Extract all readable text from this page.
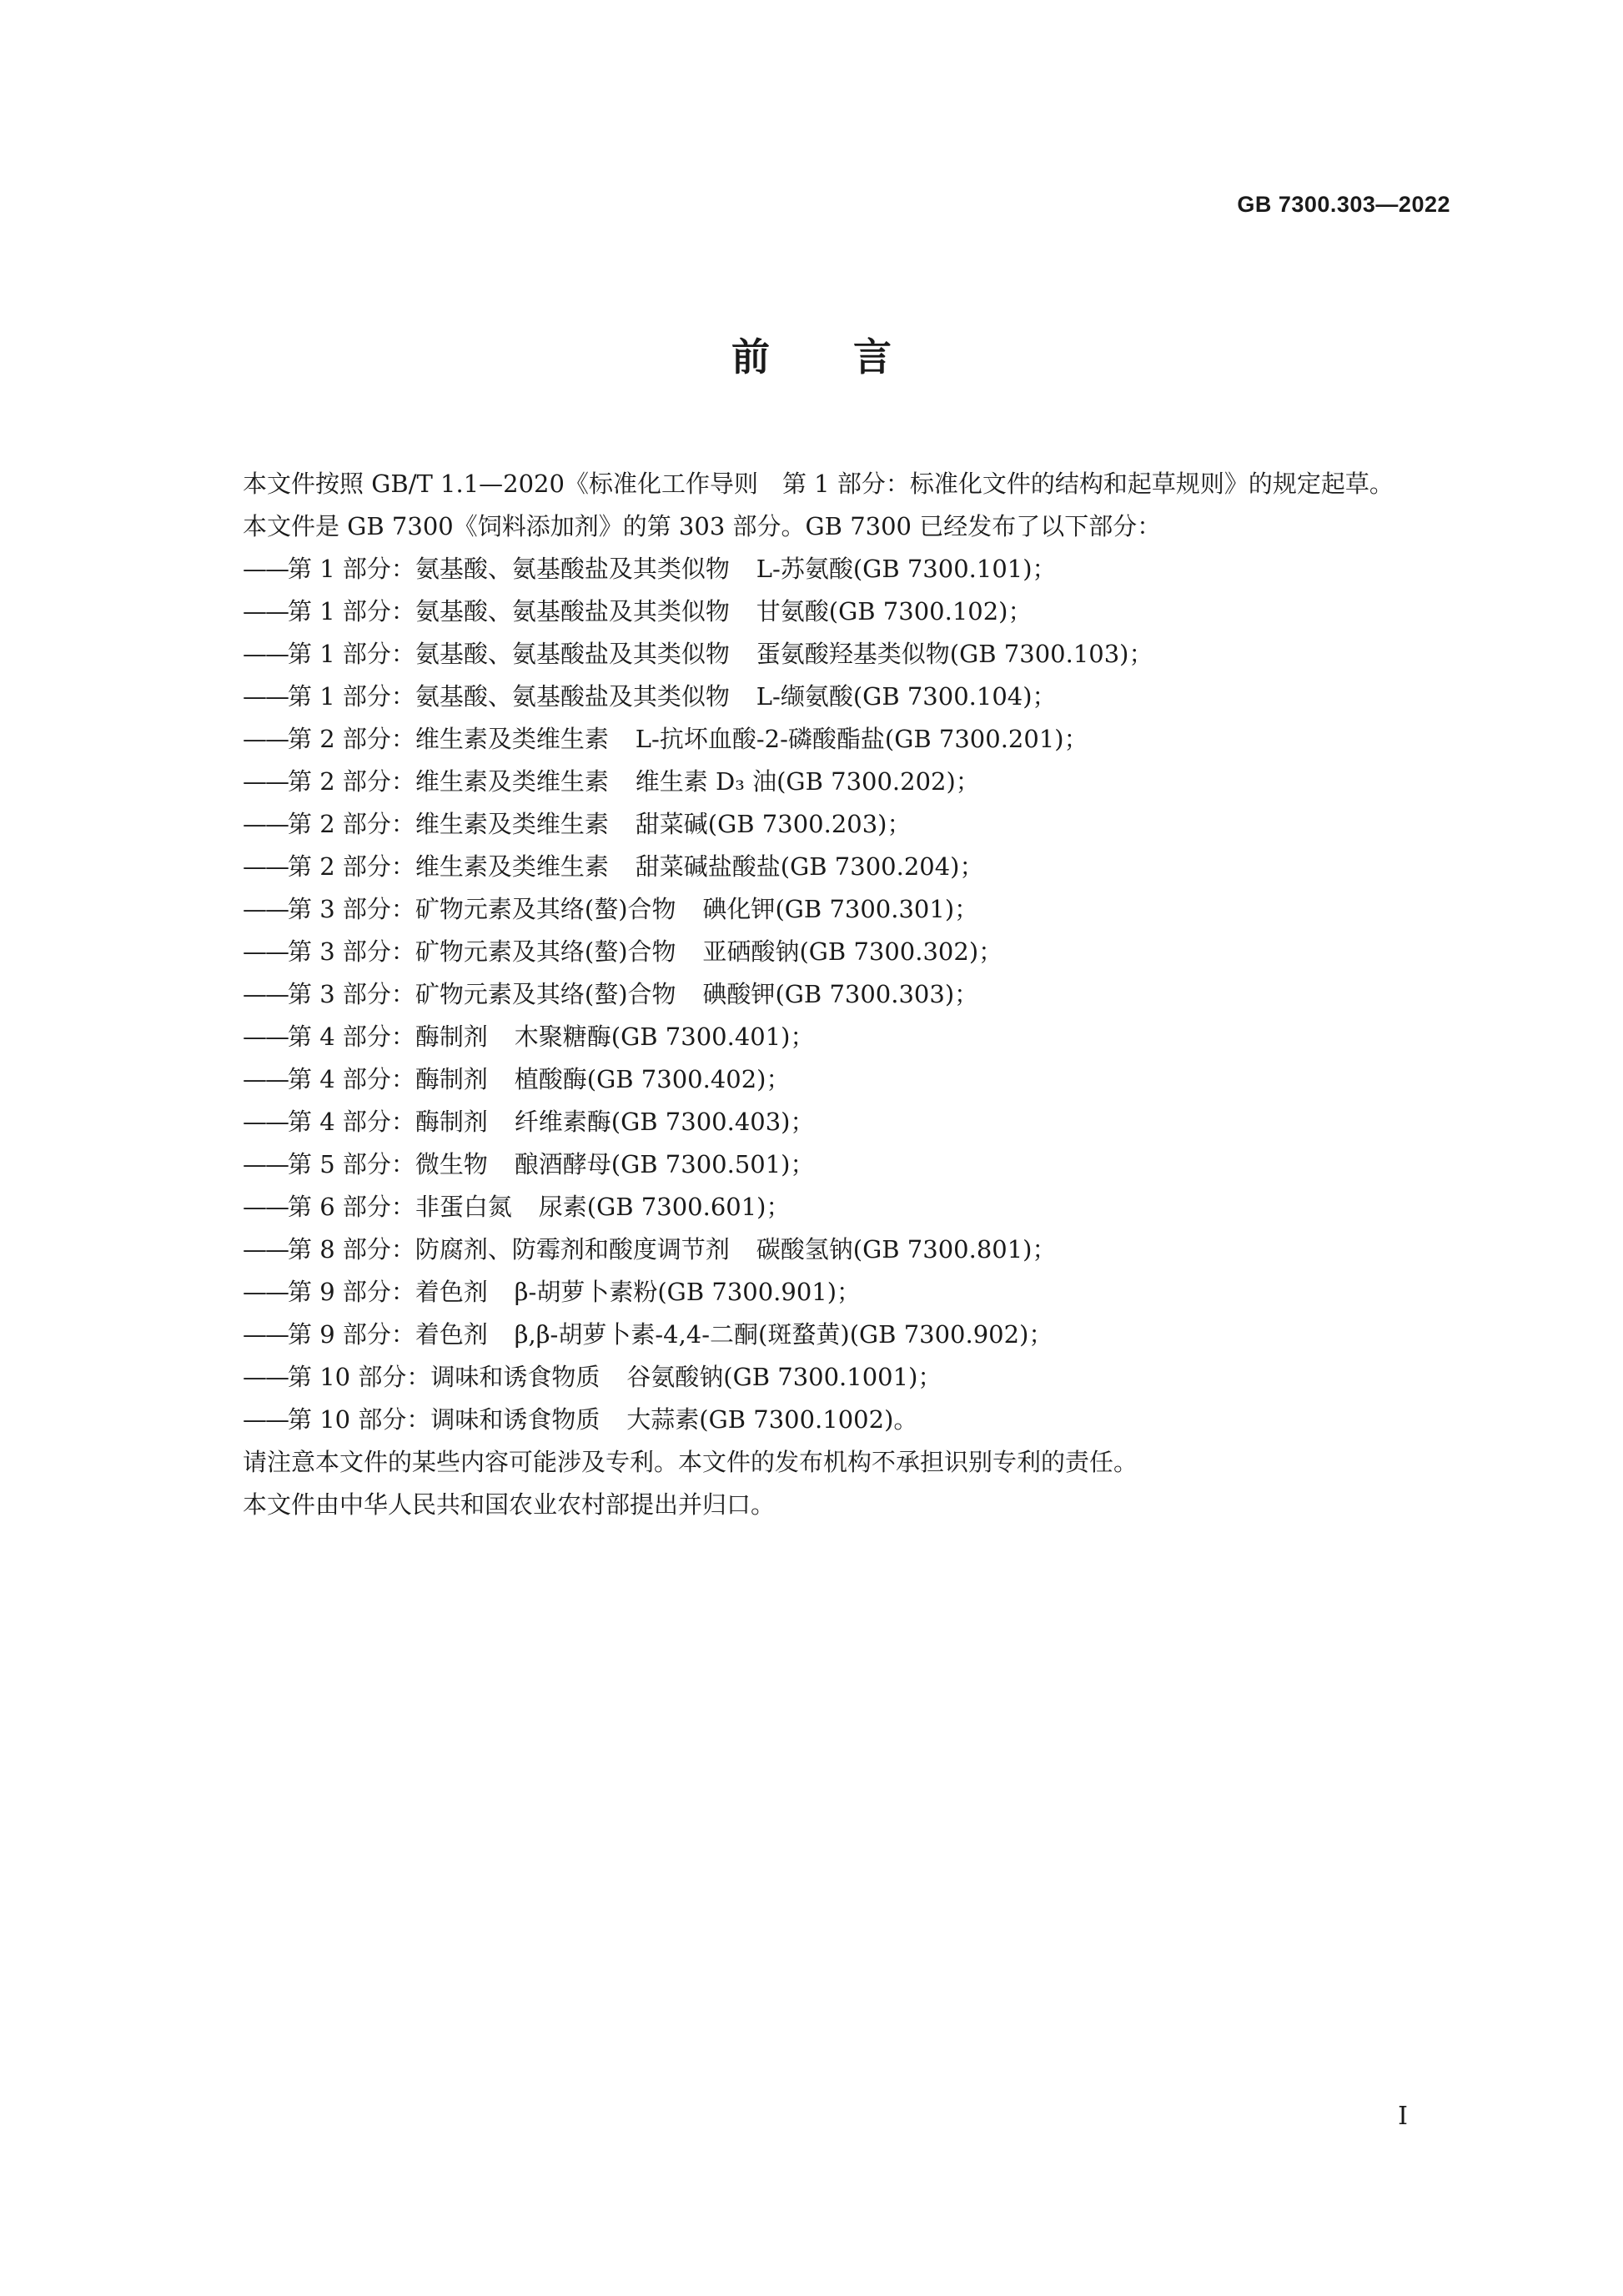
GB 7300.303—2022
前言

本文件按照 GB/T 1.1—2020《标准化工作导则　第 1 部分：标准化文件的结构和起草规则》的规定起草。

本文件是 GB 7300《饲料添加剂》的第 303 部分。GB 7300 已经发布了以下部分：

——第 1 部分：氨基酸、氨基酸盐及其类似物 L-苏氨酸(GB 7300.101)；
——第 1 部分：氨基酸、氨基酸盐及其类似物 甘氨酸(GB 7300.102)；
——第 1 部分：氨基酸、氨基酸盐及其类似物 蛋氨酸羟基类似物(GB 7300.103)；
——第 1 部分：氨基酸、氨基酸盐及其类似物 L-缬氨酸(GB 7300.104)；
——第 2 部分：维生素及类维生素 L-抗坏血酸-2-磷酸酯盐(GB 7300.201)；
——第 2 部分：维生素及类维生素 维生素 D₃ 油(GB 7300.202)；
——第 2 部分：维生素及类维生素 甜菜碱(GB 7300.203)；
——第 2 部分：维生素及类维生素 甜菜碱盐酸盐(GB 7300.204)；
——第 3 部分：矿物元素及其络(螯)合物 碘化钾(GB 7300.301)；
——第 3 部分：矿物元素及其络(螯)合物 亚硒酸钠(GB 7300.302)；
——第 3 部分：矿物元素及其络(螯)合物 碘酸钾(GB 7300.303)；
——第 4 部分：酶制剂 木聚糖酶(GB 7300.401)；
——第 4 部分：酶制剂 植酸酶(GB 7300.402)；
——第 4 部分：酶制剂 纤维素酶(GB 7300.403)；
——第 5 部分：微生物 酿酒酵母(GB 7300.501)；
——第 6 部分：非蛋白氮 尿素(GB 7300.601)；
——第 8 部分：防腐剂、防霉剂和酸度调节剂 碳酸氢钠(GB 7300.801)；
——第 9 部分：着色剂 β-胡萝卜素粉(GB 7300.901)；
——第 9 部分：着色剂 β,β-胡萝卜素-4,4-二酮(斑蝥黄)(GB 7300.902)；
——第 10 部分：调味和诱食物质 谷氨酸钠(GB 7300.1001)；
——第 10 部分：调味和诱食物质 大蒜素(GB 7300.1002)。

请注意本文件的某些内容可能涉及专利。本文件的发布机构不承担识别专利的责任。

本文件由中华人民共和国农业农村部提出并归口。

I
